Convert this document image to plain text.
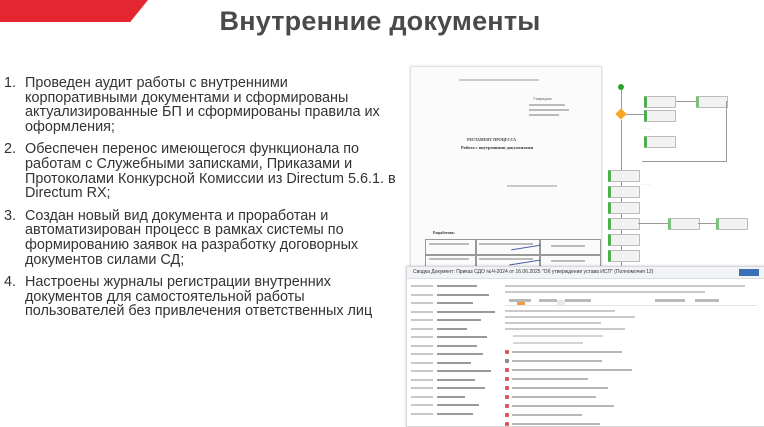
Внутренние документы
1. Проведен аудит работы с внутренними корпоративными документами и сформированы актуализированные БП и сформированы правила их оформления;
2. Обеспечен перенос имеющегося функционала по работам с Служебными записками, Приказами и Протоколами Конкурсной Комиссии из Directum 5.6.1. в Directum RX;
3. Создан новый вид документа и проработан и автоматизирован процесс в рамках системы по формированию заявок на разработку договорных документов силами СД;
4. Настроены журналы регистрации внутренних документов для самостоятельной работы пользователей без привлечения ответственных лиц
Утверждено
РЕГЛАМЕНТ ПРОЦЕССА
Работа с внутренними документами
Разработчик:
·········
·········
Сводка Документ: Приказ СДО №Ч-2024 от 16.06.2025 "Об утверждении устава ИСП" (Полномочия 12)
